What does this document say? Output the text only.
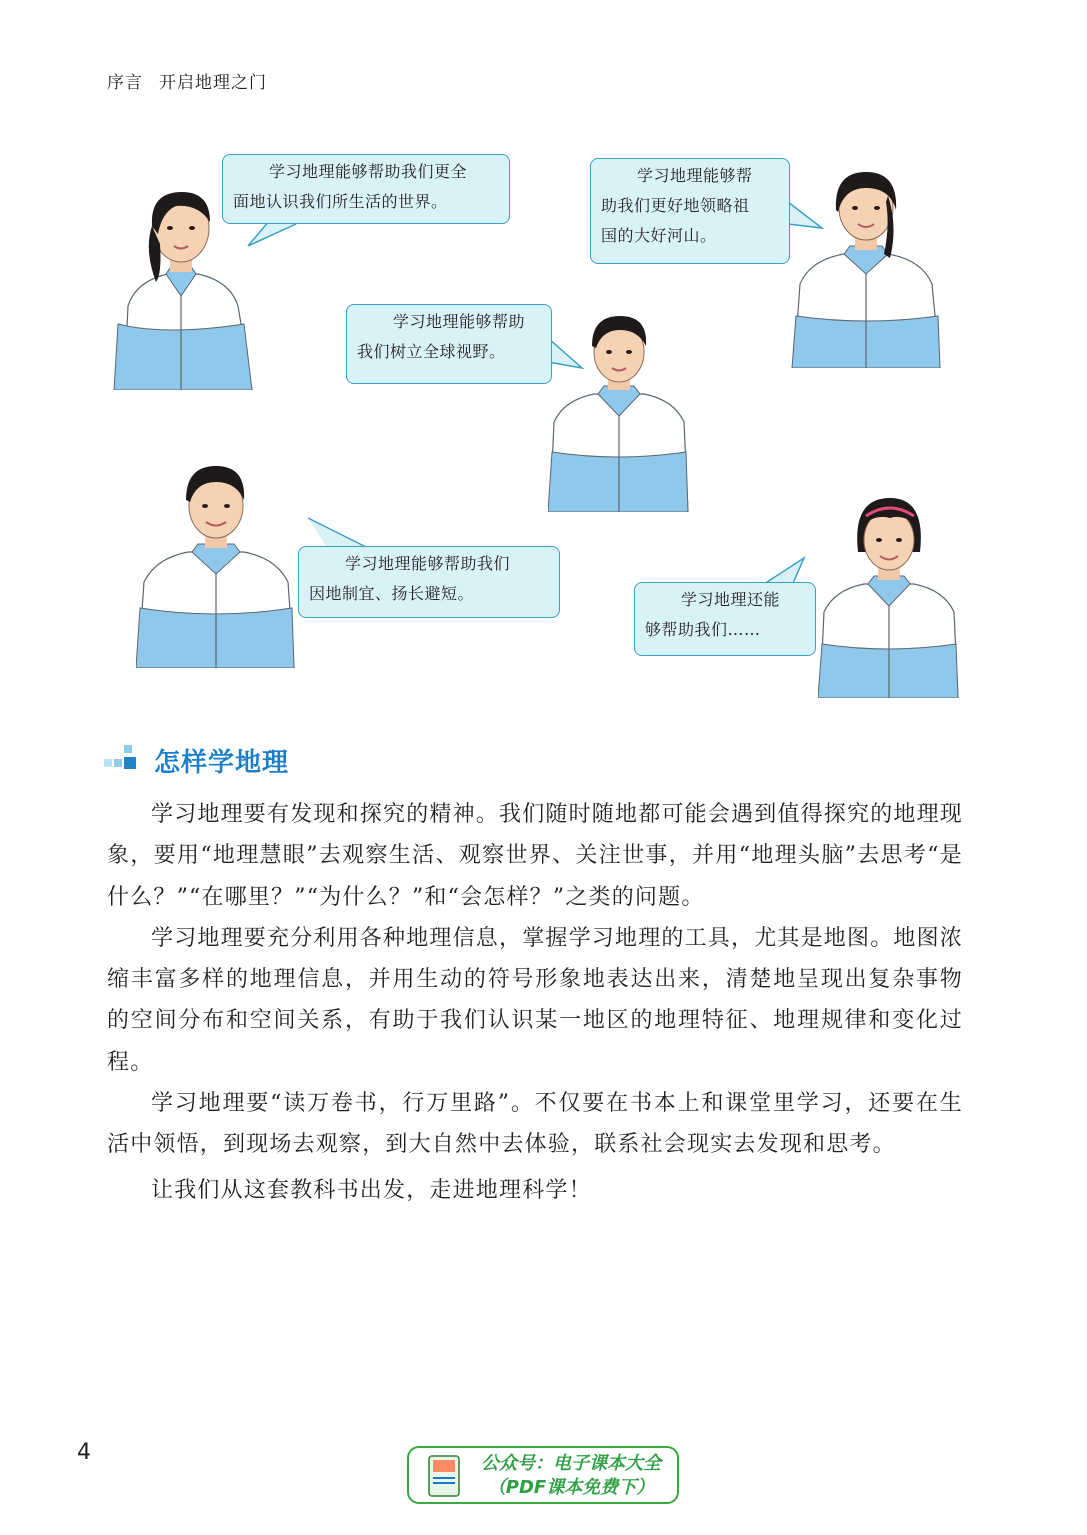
序言 开启地理之门
学习地理能够帮助我们更全
面地认识我们所生活的世界。
学习地理能够帮
助我们更好地领略祖
国的大好河山。
学习地理能够帮助
我们树立全球视野。
学习地理能够帮助我们
因地制宜、扬长避短。	学习地理还能
够帮助我们……
怎样学地理

学习地理要有发现和探究的精神。我们随时随地都可能会遇到值得探究的地理现象，要用“地理慧眼”去观察生活、观察世界、关注世事，并用“地理头脑”去思考“是什么？”“在哪里？”“为什么？”和“会怎样？”之类的问题。

学习地理要充分利用各种地理信息，掌握学习地理的工具，尤其是地图。地图浓缩丰富多样的地理信息，并用生动的符号形象地表达出来，清楚地呈现出复杂事物的空间分布和空间关系，有助于我们认识某一地区的地理特征、地理规律和变化过程。

学习地理要“读万卷书，行万里路”。不仅要在书本上和课堂里学习，还要在生活中领悟，到现场去观察，到大自然中去体验，联系社会现实去发现和思考。

让我们从这套教科书出发，走进地理科学！

4	公众号：电子课本大全
（PDF课本免费下）
